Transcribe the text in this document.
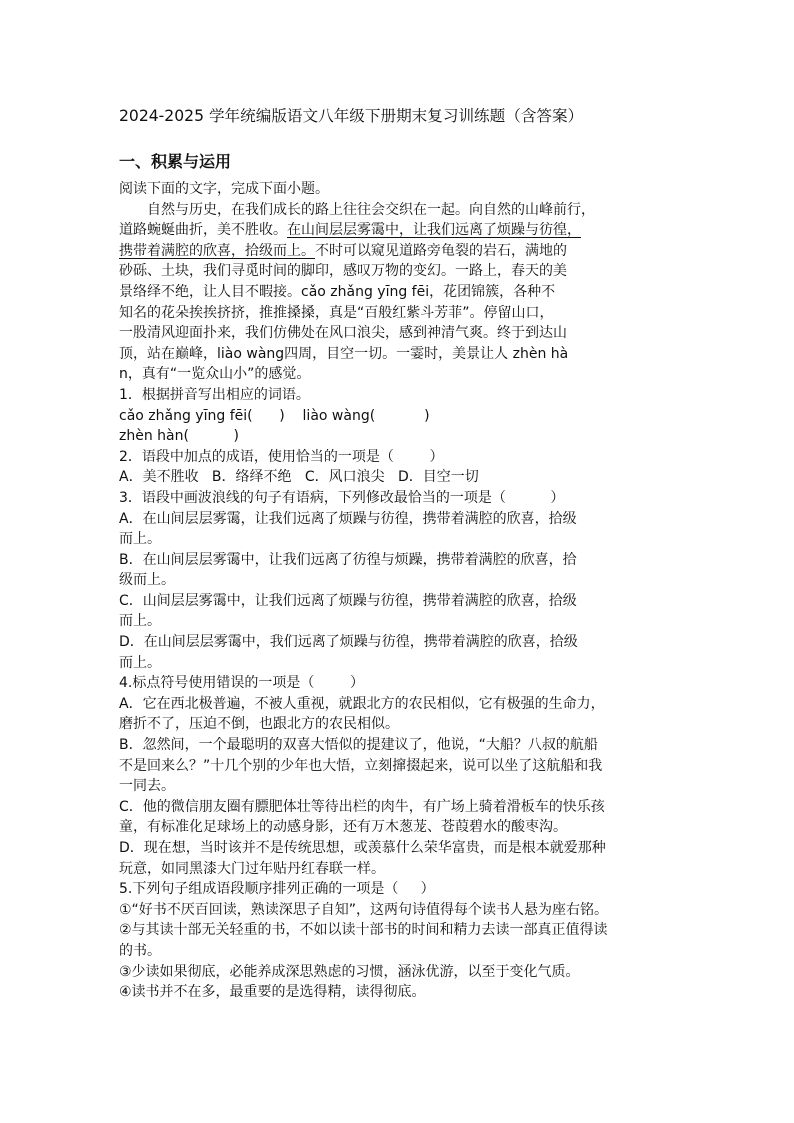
2024-2025 学年统编版语文八年级下册期末复习训练题（含答案）
一、积累与运用
阅读下面的文字，完成下面小题。
自然与历史，在我们成长的路上往往会交织在一起。向自然的山峰前行，
道路蜿蜒曲折，美不胜收。在山间层层雾霭中，让我们远离了烦躁与彷徨，
携带着满腔的欣喜，拾级而上。不时可以窥见道路旁龟裂的岩石，满地的
砂砾、土块，我们寻觅时间的脚印，感叹万物的变幻。一路上，春天的美
景络绎不绝，让人目不暇接。cǎo zhǎng yīng fēi，花团锦簇，各种不
知名的花朵挨挨挤挤，推推搡搡，真是“百般红紫斗芳菲”。停留山口，
一股清风迎面扑来，我们仿佛处在风口浪尖，感到神清气爽。终于到达山
顶，站在巅峰，liào wàng四周，目空一切。一霎时，美景让人 zhèn hà
n，真有“一览众山小”的感觉。
1．根据拼音写出相应的词语。
cǎo zhǎng yīng fēi(      )    liào wàng(           )
zhèn hàn(          )
2．语段中加点的成语，使用恰当的一项是（        ）
A．美不胜收   B．络绎不绝   C．风口浪尖   D．目空一切
3．语段中画波浪线的句子有语病，下列修改最恰当的一项是（          ）
A．在山间层层雾霭，让我们远离了烦躁与彷徨，携带着满腔的欣喜，拾级
而上。
B．在山间层层雾霭中，让我们远离了彷徨与烦躁，携带着满腔的欣喜，拾
级而上。
C．山间层层雾霭中，让我们远离了烦躁与彷徨，携带着满腔的欣喜，拾级
而上。
D．在山间层层雾霭中，我们远离了烦躁与彷徨，携带着满腔的欣喜，拾级
而上。
4.标点符号使用错误的一项是（        ）
A．它在西北极普遍，不被人重视，就跟北方的农民相似，它有极强的生命力，
磨折不了，压迫不倒，也跟北方的农民相似。
B．忽然间，一个最聪明的双喜大悟似的提建议了，他说，“大船？八叔的航船
不是回来么？”十几个别的少年也大悟，立刻撺掇起来，说可以坐了这航船和我
一同去。
C．他的微信朋友圈有膘肥体壮等待出栏的肉牛，有广场上骑着滑板车的快乐孩
童，有标准化足球场上的动感身影，还有万木葱茏、苍葭碧水的酸枣沟。
D．现在想，当时该并不是传统思想，或羡慕什么荣华富贵，而是根本就爱那种
玩意，如同黑漆大门过年贴丹红春联一样。
5.下列句子组成语段顺序排列正确的一项是（     ）
①“好书不厌百回读，熟读深思子自知”，这两句诗值得每个读书人悬为座右铭。
②与其读十部无关轻重的书，不如以读十部书的时间和精力去读一部真正值得读
的书。
③少读如果彻底，必能养成深思熟虑的习惯，涵泳优游，以至于变化气质。
④读书并不在多，最重要的是选得精，读得彻底。
